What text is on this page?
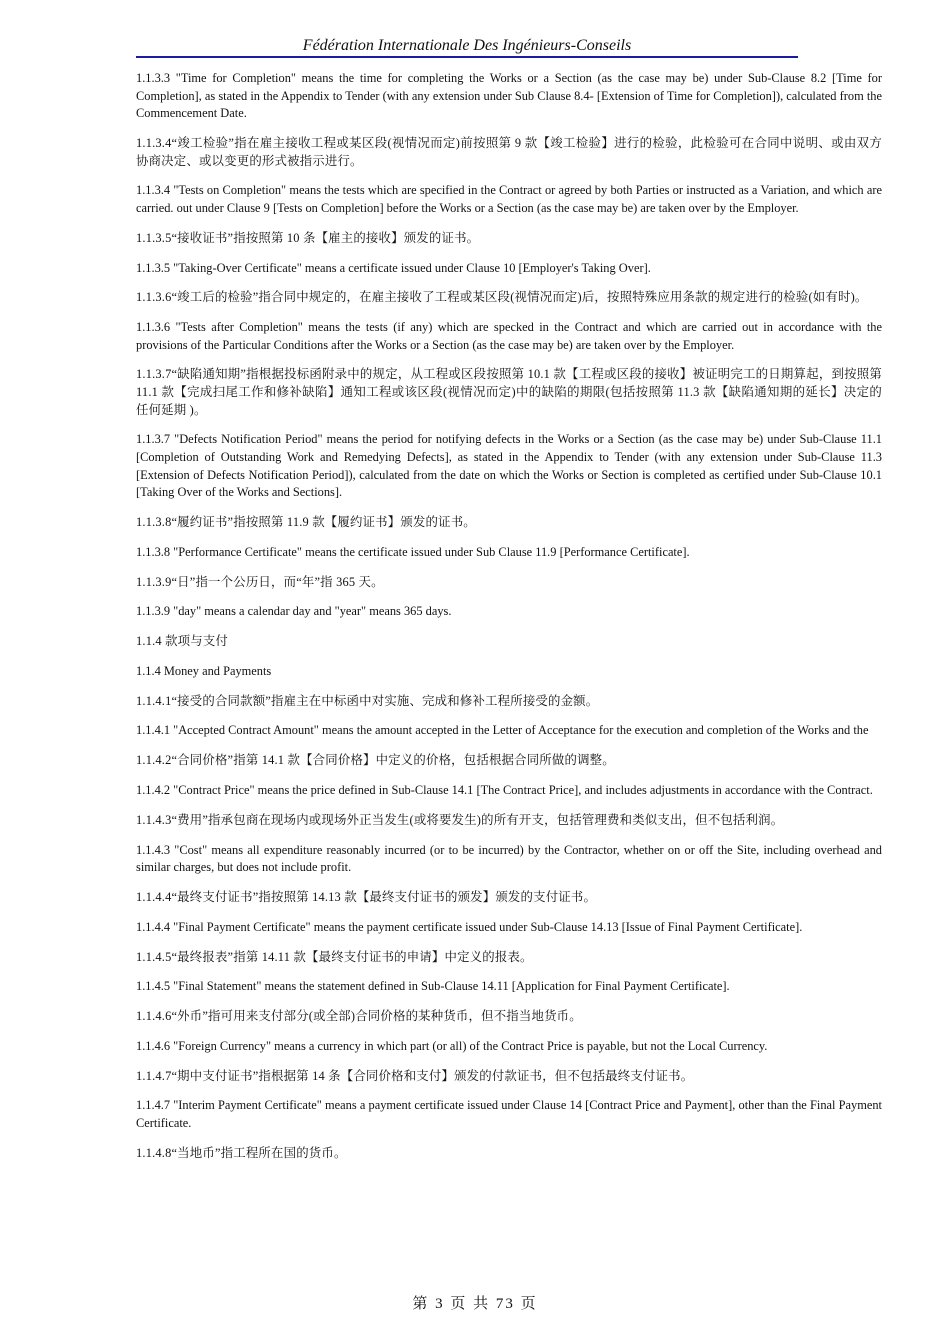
Fédération Internationale Des Ingénieurs-Conseils

1.1.3.3 "Time for Completion" means the time for completing the Works or a Section (as the case may be) under Sub-Clause 8.2 [Time for Completion], as stated in the Appendix to Tender (with any extension under Sub Clause 8.4- [Extension of Time for Completion]), calculated from the Commencement Date.

1.1.3.4“竣工检验”指在雇主接收工程或某区段(视情况而定)前按照第 9 款【竣工检验】进行的检验，此检验可在合同中说明、或由双方协商决定、或以变更的形式被指示进行。

1.1.3.4 "Tests on Completion" means the tests which are specified in the Contract or agreed by both Parties or instructed as a Variation, and which are carried. out under Clause 9 [Tests on Completion] before the Works or a Section (as the case may be) are taken over by the Employer.

1.1.3.5“接收证书”指按照第 10 条【雇主的接收】颁发的证书。

1.1.3.5 "Taking-Over Certificate" means a certificate issued under Clause 10 [Employer's Taking Over].

1.1.3.6“竣工后的检验”指合同中规定的，在雇主接收了工程或某区段(视情况而定)后，按照特殊应用条款的规定进行的检验(如有时)。

1.1.3.6 "Tests after Completion" means the tests (if any) which are specked in the Contract and which are carried out in accordance with the provisions of the Particular Conditions after the Works or a Section (as the case may be) are taken over by the Employer.

1.1.3.7“缺陷通知期”指根据投标函附录中的规定，从工程或区段按照第 10.1 款【工程或区段的接收】被证明完工的日期算起，到按照第 11.1 款【完成扫尾工作和修补缺陷】通知工程或该区段(视情况而定)中的缺陷的期限(包括按照第 11.3 款【缺陷通知期的延长】决定的任何延期 )。

1.1.3.7 "Defects Notification Period" means the period for notifying defects in the Works or a Section (as the case may be) under Sub-Clause 11.1 [Completion of Outstanding Work and Remedying Defects], as stated in the Appendix to Tender (with any extension under Sub-Clause 11.3 [Extension of Defects Notification Period]), calculated from the date on which the Works or Section is completed as certified under Sub-Clause 10.1 [Taking Over of the Works and Sections].

1.1.3.8“履约证书”指按照第 11.9 款【履约证书】颁发的证书。

1.1.3.8 "Performance Certificate" means the certificate issued under Sub Clause 11.9 [Performance Certificate].

1.1.3.9“日”指一个公历日，而“年”指 365 天。

1.1.3.9 "day" means a calendar day and "year" means 365 days.

1.1.4 款项与支付

1.1.4 Money and Payments

1.1.4.1“接受的合同款额”指雇主在中标函中对实施、完成和修补工程所接受的金额。

1.1.4.1 "Accepted Contract Amount" means the amount accepted in the Letter of Acceptance for the execution and completion of the Works and the

1.1.4.2“合同价格”指第 14.1 款【合同价格】中定义的价格，包括根据合同所做的调整。

1.1.4.2 "Contract Price" means the price defined in Sub-Clause 14.1 [The Contract Price], and includes adjustments in accordance with the Contract.

1.1.4.3“费用”指承包商在现场内或现场外正当发生(或将要发生)的所有开支，包括管理费和类似支出，但不包括利润。

1.1.4.3 "Cost" means all expenditure reasonably incurred (or to be incurred) by the Contractor, whether on or off the Site, including overhead and similar charges, but does not include profit.

1.1.4.4“最终支付证书”指按照第 14.13 款【最终支付证书的颁发】颁发的支付证书。

1.1.4.4 "Final Payment Certificate" means the payment certificate issued under Sub-Clause 14.13 [Issue of Final Payment Certificate].

1.1.4.5“最终报表”指第 14.11 款【最终支付证书的申请】中定义的报表。

1.1.4.5 "Final Statement" means the statement defined in Sub-Clause 14.11 [Application for Final Payment Certificate].

1.1.4.6“外币”指可用来支付部分(或全部)合同价格的某种货币，但不指当地货币。

1.1.4.6 "Foreign Currency" means a currency in which part (or all) of the Contract Price is payable, but not the Local Currency.

1.1.4.7“期中支付证书”指根据第 14 条【合同价格和支付】颁发的付款证书，但不包括最终支付证书。

1.1.4.7 "Interim Payment Certificate" means a payment certificate issued under Clause 14 [Contract Price and Payment], other than the Final Payment Certificate.

1.1.4.8“当地币”指工程所在国的货币。

第 3 页 共 73 页
